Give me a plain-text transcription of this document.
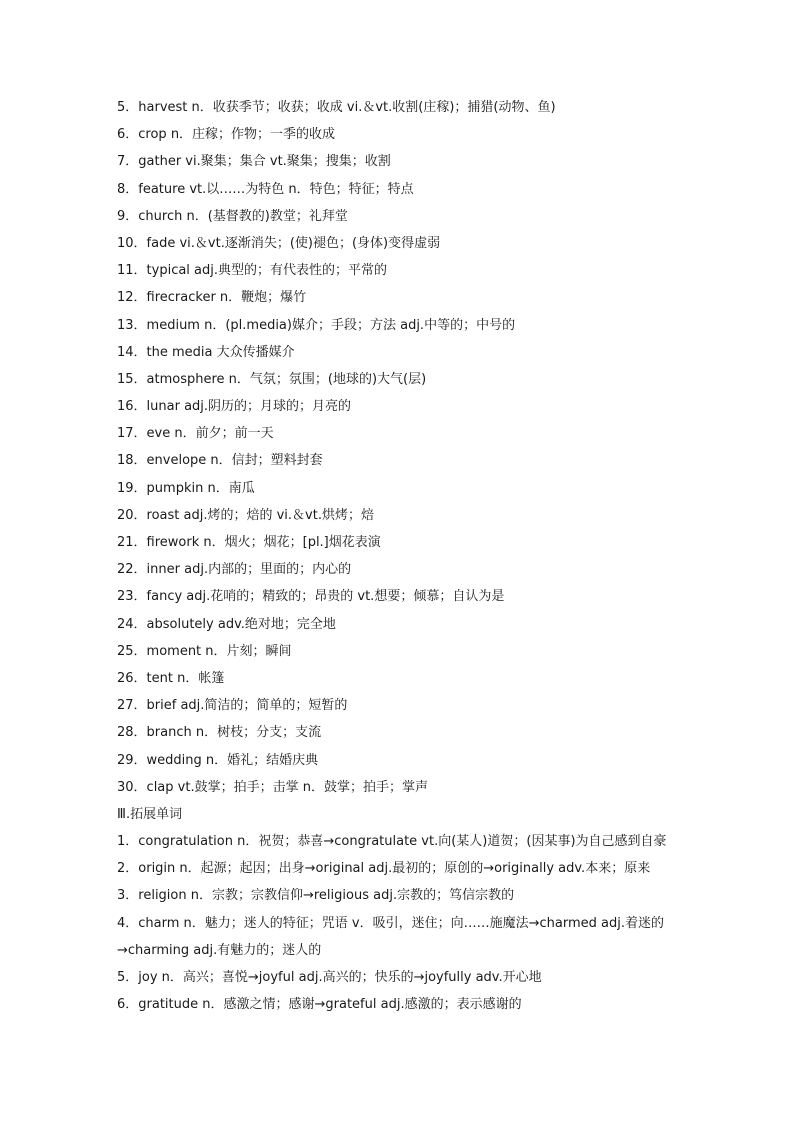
5．harvest n．收获季节；收获；收成 vi.＆vt.收割(庄稼)；捕猎(动物、鱼)
6．crop n．庄稼；作物；一季的收成
7．gather vi.聚集；集合 vt.聚集；搜集；收割
8．feature vt.以……为特色 n．特色；特征；特点
9．church n．(基督教的)教堂；礼拜堂
10．fade vi.＆vt.逐渐消失；(使)褪色；(身体)变得虚弱
11．typical adj.典型的；有代表性的；平常的
12．firecracker n．鞭炮；爆竹
13．medium n．(pl.media)媒介；手段；方法 adj.中等的；中号的
14．the media 大众传播媒介
15．atmosphere n．气氛；氛围；(地球的)大气(层)
16．lunar adj.阴历的；月球的；月亮的
17．eve n．前夕；前一天
18．envelope n．信封；塑料封套
19．pumpkin n．南瓜
20．roast adj.烤的；焙的 vi.＆vt.烘烤；焙
21．firework n．烟火；烟花；[pl.]烟花表演
22．inner adj.内部的；里面的；内心的
23．fancy adj.花哨的；精致的；昂贵的 vt.想要；倾慕；自认为是
24．absolutely adv.绝对地；完全地
25．moment n．片刻；瞬间
26．tent n．帐篷
27．brief adj.简洁的；简单的；短暂的
28．branch n．树枝；分支；支流
29．wedding n．婚礼；结婚庆典
30．clap vt.鼓掌；拍手；击掌 n．鼓掌；拍手；掌声
Ⅲ.拓展单词
1．congratulation n．祝贺；恭喜→congratulate vt.向(某人)道贺；(因某事)为自己感到自豪
2．origin n．起源；起因；出身→original adj.最初的；原创的→originally adv.本来；原来
3．religion n．宗教；宗教信仰→religious adj.宗教的；笃信宗教的
4．charm n．魅力；迷人的特征；咒语 v．吸引，迷住；向……施魔法→charmed adj.着迷的
→charming adj.有魅力的；迷人的
5．joy n．高兴；喜悦→joyful adj.高兴的；快乐的→joyfully adv.开心地
6．gratitude n．感激之情；感谢→grateful adj.感激的；表示感谢的
